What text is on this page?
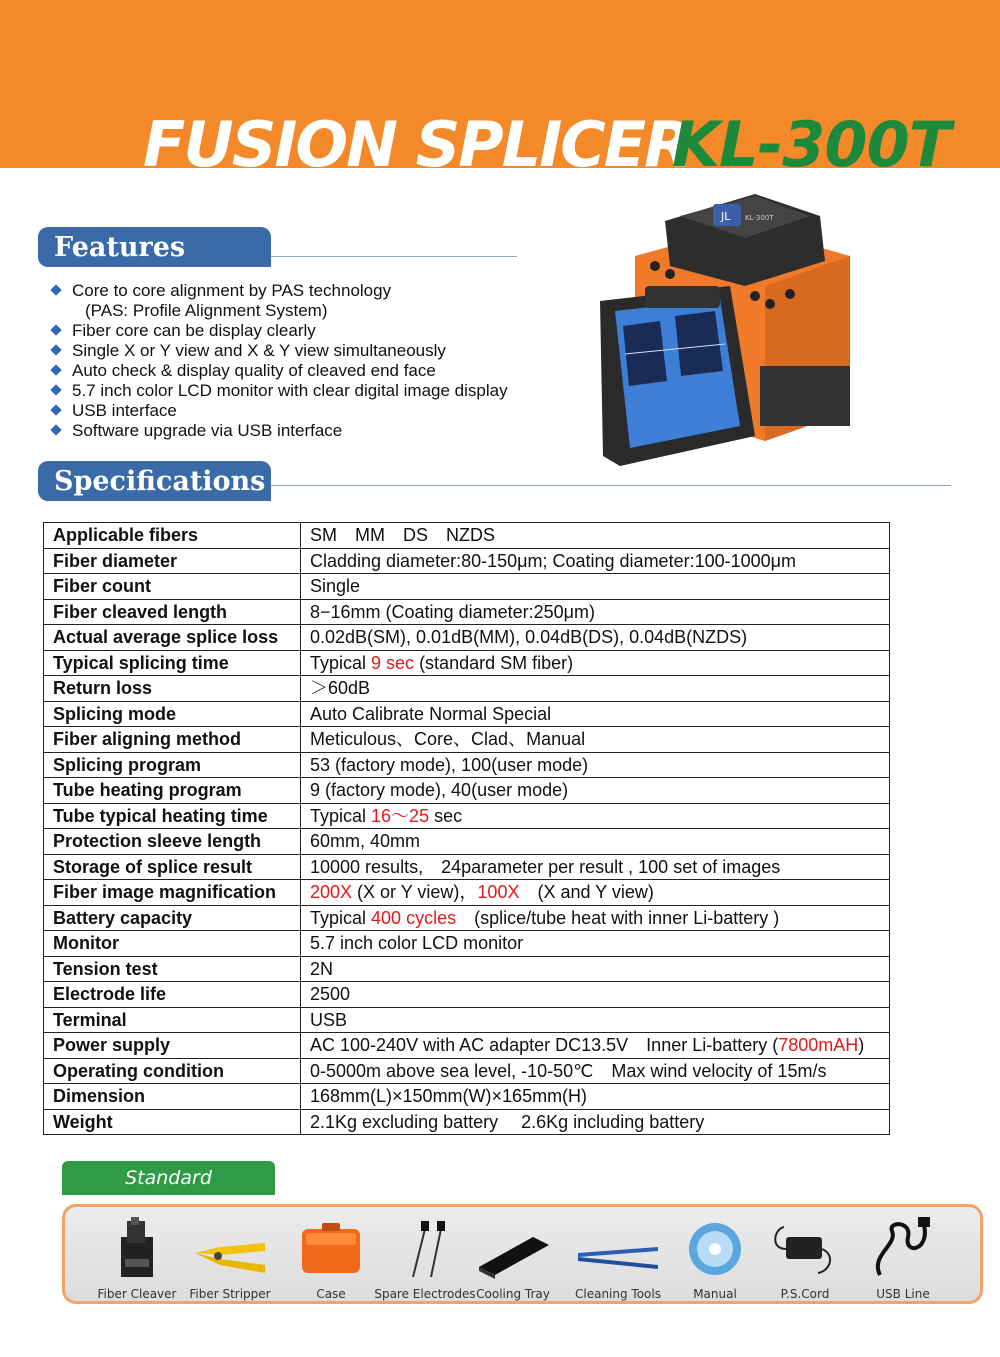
FUSION SPLICER
KL-300T
Features
Core to core alignment by PAS technology
(PAS: Profile Alignment System)
Fiber core can be display clearly
Single X or Y view and X & Y view simultaneously
Auto check & display quality of cleaved end face
5.7 inch color LCD monitor with clear digital image display
USB interface
Software upgrade via USB interface
JL KL-300T
Specifications
Applicable fibers	SM　MM　DS　NZDS
Fiber diameter	Cladding diameter:80-150μm; Coating diameter:100-1000μm
Fiber count	Single
Fiber cleaved length	8−16mm (Coating diameter:250μm)
Actual average splice loss	0.02dB(SM), 0.01dB(MM), 0.04dB(DS), 0.04dB(NZDS)
Typical splicing time	Typical 9 sec (standard SM fiber)
Return loss	＞60dB
Splicing mode	Auto Calibrate Normal Special
Fiber aligning method	Meticulous、Core、Clad、Manual
Splicing program	53 (factory mode), 100(user mode)
Tube heating program	9 (factory mode), 40(user mode)
Tube typical heating time	Typical 16～25 sec
Protection sleeve length	60mm, 40mm
Storage of splice result	10000 results,　24parameter per result , 100 set of images
Fiber image magnification	200X (X or Y view)，100X　(X and Y view)
Battery capacity	Typical 400 cycles　(splice/tube heat with inner Li-battery )
Monitor	5.7 inch color LCD monitor
Tension test	2N
Electrode life	2500
Terminal	USB
Power supply	AC 100-240V with AC adapter DC13.5V　Inner Li-battery (7800mAH)
Operating condition	0-5000m above sea level, -10-50℃　Max wind velocity of 15m/s
Dimension	168mm(L)×150mm(W)×165mm(H)
Weight	2.1Kg excluding battery　 2.6Kg including battery
Standard
Fiber Cleaver	Fiber Stripper	Case	Spare Electrodes Cooling Tray	Cleaning Tools	Manual	P.S.Cord	USB Line
